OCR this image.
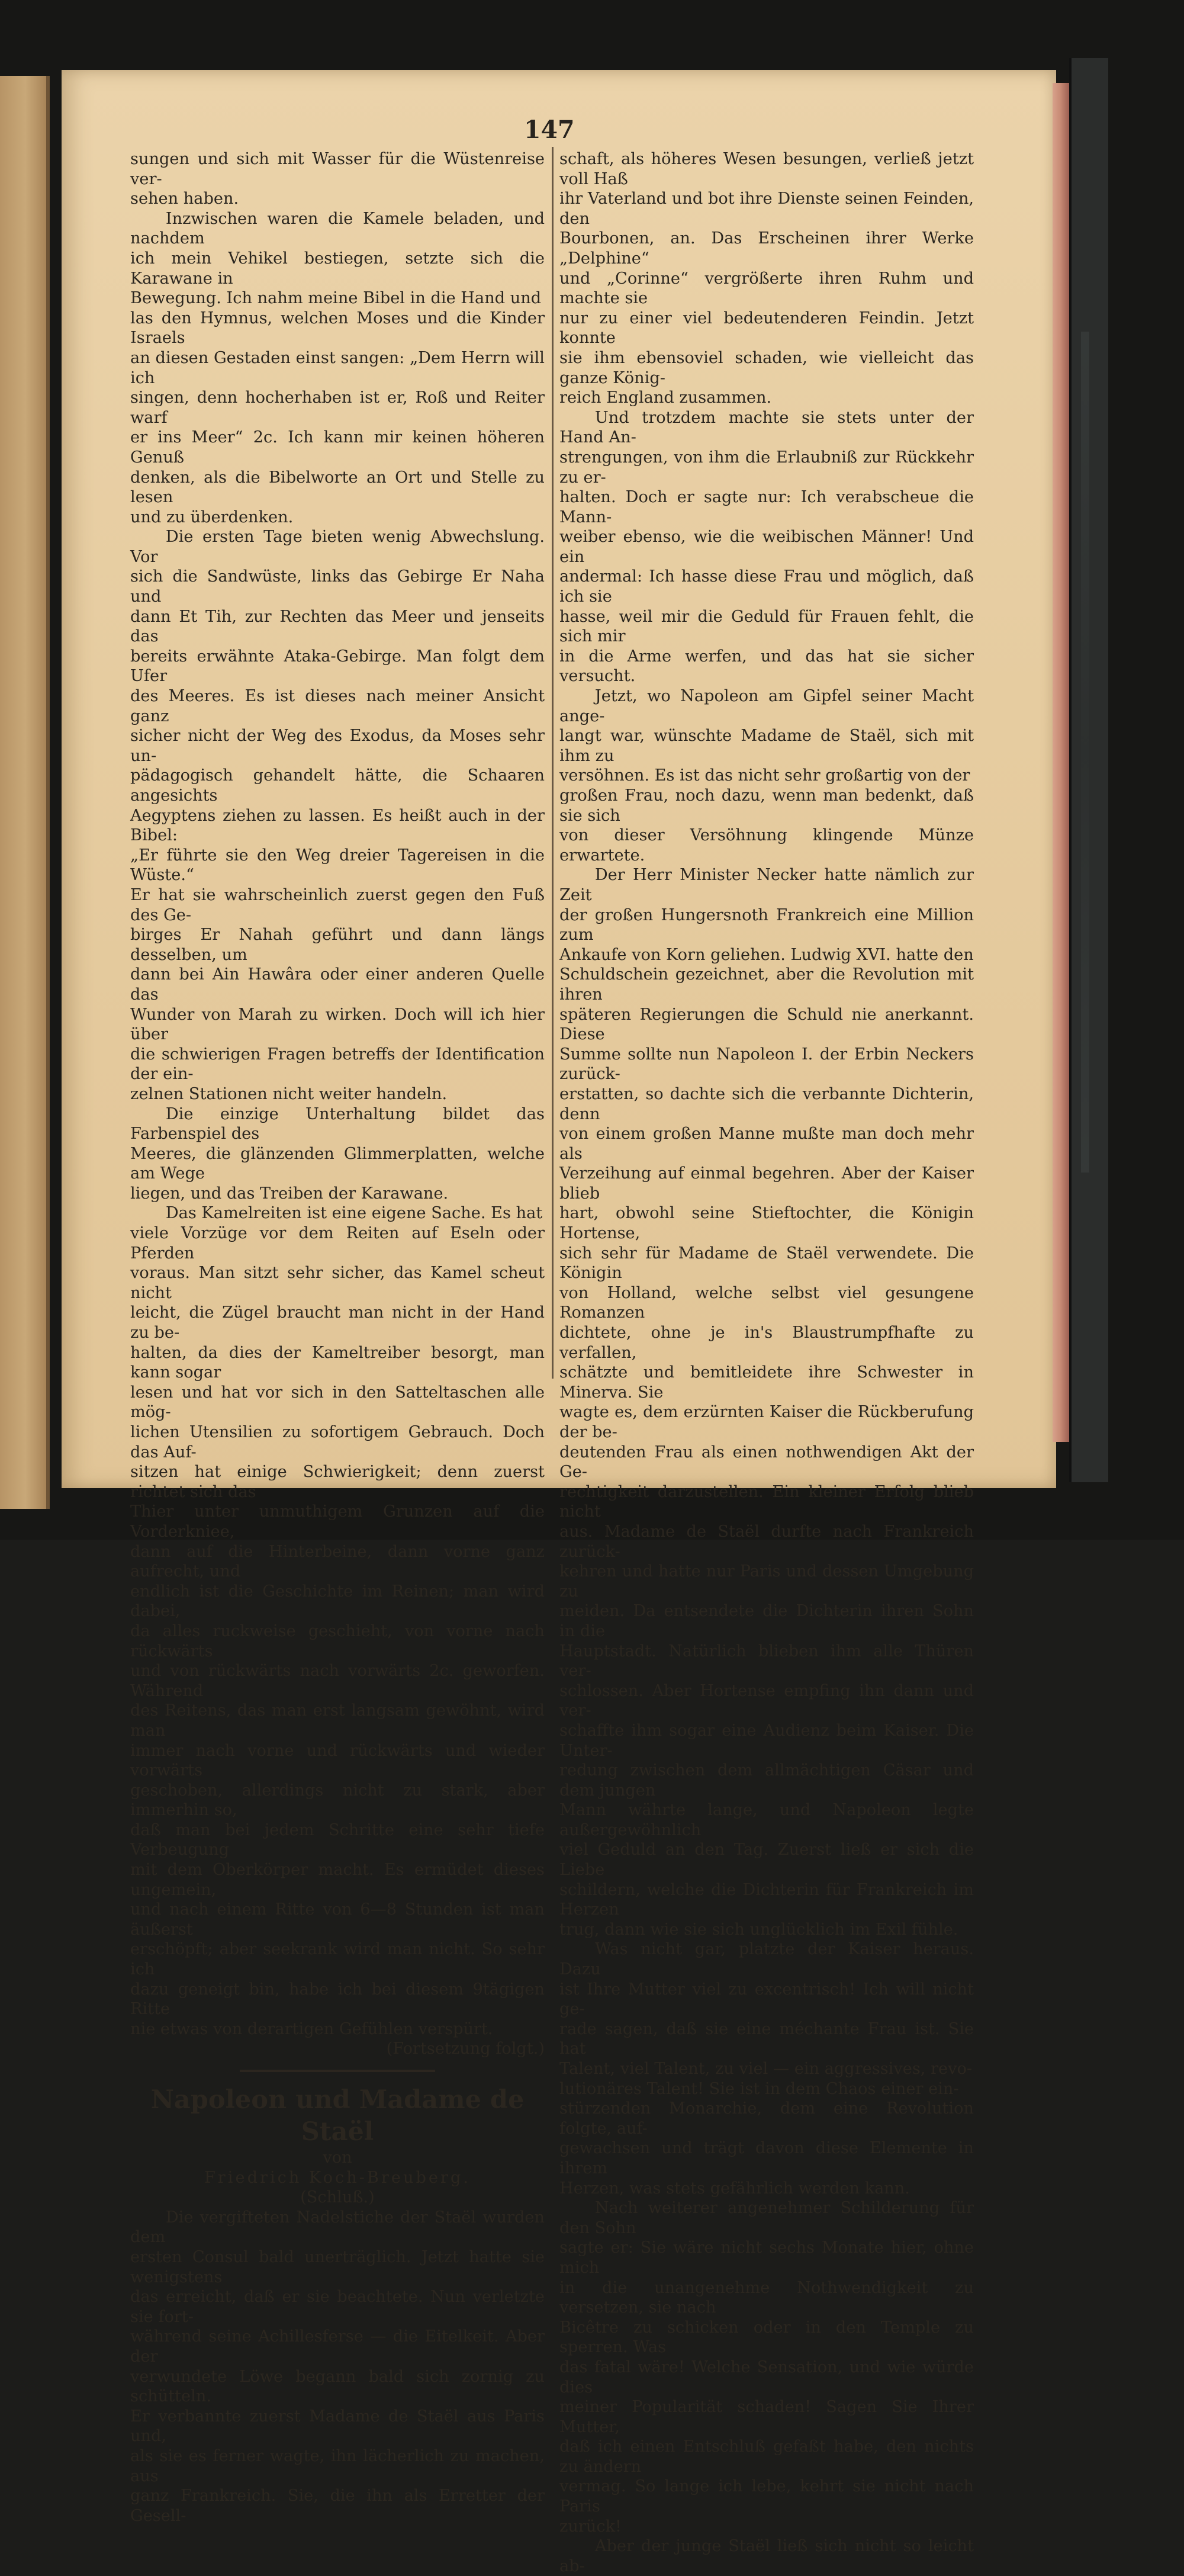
147

sungen und sich mit Wasser für die Wüstenreise ver-

sehen haben.

Inzwischen waren die Kamele beladen, und nachdem

ich mein Vehikel bestiegen, setzte sich die Karawane in

Bewegung. Ich nahm meine Bibel in die Hand und

las den Hymnus, welchen Moses und die Kinder Israels

an diesen Gestaden einst sangen: „Dem Herrn will ich

singen, denn hocherhaben ist er, Roß und Reiter warf

er ins Meer“ 2c. Ich kann mir keinen höheren Genuß

denken, als die Bibelworte an Ort und Stelle zu lesen

und zu überdenken.

Die ersten Tage bieten wenig Abwechslung. Vor

sich die Sandwüste, links das Gebirge Er Naha und

dann Et Tih, zur Rechten das Meer und jenseits das

bereits erwähnte Ataka-Gebirge. Man folgt dem Ufer

des Meeres. Es ist dieses nach meiner Ansicht ganz

sicher nicht der Weg des Exodus, da Moses sehr un-

pädagogisch gehandelt hätte, die Schaaren angesichts

Aegyptens ziehen zu lassen. Es heißt auch in der Bibel:

„Er führte sie den Weg dreier Tagereisen in die Wüste.“

Er hat sie wahrscheinlich zuerst gegen den Fuß des Ge-

birges Er Nahah geführt und dann längs desselben, um

dann bei Ain Hawâra oder einer anderen Quelle das

Wunder von Marah zu wirken. Doch will ich hier über

die schwierigen Fragen betreffs der Identification der ein-

zelnen Stationen nicht weiter handeln.

Die einzige Unterhaltung bildet das Farbenspiel des

Meeres, die glänzenden Glimmerplatten, welche am Wege

liegen, und das Treiben der Karawane.

Das Kamelreiten ist eine eigene Sache. Es hat

viele Vorzüge vor dem Reiten auf Eseln oder Pferden

voraus. Man sitzt sehr sicher, das Kamel scheut nicht

leicht, die Zügel braucht man nicht in der Hand zu be-

halten, da dies der Kameltreiber besorgt, man kann sogar

lesen und hat vor sich in den Satteltaschen alle mög-

lichen Utensilien zu sofortigem Gebrauch. Doch das Auf-

sitzen hat einige Schwierigkeit; denn zuerst richtet sich das

Thier unter unmuthigem Grunzen auf die Vorderkniee,

dann auf die Hinterbeine, dann vorne ganz aufrecht, und

endlich ist die Geschichte im Reinen; man wird dabei,

da alles ruckweise geschieht, von vorne nach rückwärts

und von rückwärts nach vorwärts 2c. geworfen. Während

des Reitens, das man erst langsam gewöhnt, wird man

immer nach vorne und rückwärts und wieder vorwärts

geschoben, allerdings nicht zu stark, aber immerhin so,

daß man bei jedem Schritte eine sehr tiefe Verbeugung

mit dem Oberkörper macht. Es ermüdet dieses ungemein,

und nach einem Ritte von 6—8 Stunden ist man äußerst

erschöpft; aber seekrank wird man nicht. So sehr ich

dazu geneigt bin, habe ich bei diesem 9tägigen Ritte

nie etwas von derartigen Gefühlen verspürt.

(Fortsetzung folgt.)

Napoleon und Madame de Staël

von

Friedrich Koch-Breuberg.

(Schluß.)

Die vergifteten Nadelstiche der Staël wurden dem

ersten Consul bald unerträglich. Jetzt hatte sie wenigstens

das erreicht, daß er sie beachtete. Nun verletzte sie fort-

während seine Achillesferse — die Eitelkeit. Aber der

verwundete Löwe begann bald sich zornig zu schütteln.

Er verbannte zuerst Madame de Staël aus Paris und,

als sie es ferner wagte, ihn lächerlich zu machen, aus

ganz Frankreich. Sie, die ihn als Erretter der Gesell-

schaft, als höheres Wesen besungen, verließ jetzt voll Haß

ihr Vaterland und bot ihre Dienste seinen Feinden, den

Bourbonen, an. Das Erscheinen ihrer Werke „Delphine“

und „Corinne“ vergrößerte ihren Ruhm und machte sie

nur zu einer viel bedeutenderen Feindin. Jetzt konnte

sie ihm ebensoviel schaden, wie vielleicht das ganze König-

reich England zusammen.

Und trotzdem machte sie stets unter der Hand An-

strengungen, von ihm die Erlaubniß zur Rückkehr zu er-

halten. Doch er sagte nur: Ich verabscheue die Mann-

weiber ebenso, wie die weibischen Männer! Und ein

andermal: Ich hasse diese Frau und möglich, daß ich sie

hasse, weil mir die Geduld für Frauen fehlt, die sich mir

in die Arme werfen, und das hat sie sicher versucht.

Jetzt, wo Napoleon am Gipfel seiner Macht ange-

langt war, wünschte Madame de Staël, sich mit ihm zu

versöhnen. Es ist das nicht sehr großartig von der

großen Frau, noch dazu, wenn man bedenkt, daß sie sich

von dieser Versöhnung klingende Münze erwartete.

Der Herr Minister Necker hatte nämlich zur Zeit

der großen Hungersnoth Frankreich eine Million zum

Ankaufe von Korn geliehen. Ludwig XVI. hatte den

Schuldschein gezeichnet, aber die Revolution mit ihren

späteren Regierungen die Schuld nie anerkannt. Diese

Summe sollte nun Napoleon I. der Erbin Neckers zurück-

erstatten, so dachte sich die verbannte Dichterin, denn

von einem großen Manne mußte man doch mehr als

Verzeihung auf einmal begehren. Aber der Kaiser blieb

hart, obwohl seine Stieftochter, die Königin Hortense,

sich sehr für Madame de Staël verwendete. Die Königin

von Holland, welche selbst viel gesungene Romanzen

dichtete, ohne je in's Blaustrumpfhafte zu verfallen,

schätzte und bemitleidete ihre Schwester in Minerva. Sie

wagte es, dem erzürnten Kaiser die Rückberufung der be-

deutenden Frau als einen nothwendigen Akt der Ge-

rechtigkeit darzustellen. Ein kleiner Erfolg blieb nicht

aus. Madame de Staël durfte nach Frankreich zurück-

kehren und hatte nur Paris und dessen Umgebung zu

meiden. Da entsendete die Dichterin ihren Sohn in die

Hauptstadt. Natürlich blieben ihm alle Thüren ver-

schlossen. Aber Hortense empfing ihn dann und ver-

schaffte ihm sogar eine Audienz beim Kaiser. Die Unter-

redung zwischen dem allmächtigen Cäsar und dem jungen

Mann währte lange, und Napoleon legte außergewöhnlich

viel Geduld an den Tag. Zuerst ließ er sich die Liebe

schildern, welche die Dichterin für Frankreich im Herzen

trug, dann wie sie sich unglücklich im Exil fühle.

Was nicht gar, platzte der Kaiser heraus. Dazu

ist Ihre Mutter viel zu excentrisch! Ich will nicht ge-

rade sagen, daß sie eine méchante Frau ist. Sie hat

Talent, viel Talent, zu viel — ein aggressives, revo-

lutionäres Talent! Sie ist in dem Chaos einer ein-

stürzenden Monarchie, dem eine Revolution folgte, auf-

gewachsen und trägt davon diese Elemente in ihrem

Herzen, was stets gefährlich werden kann.

Nach weiterer angenehmer Schilderung für den Sohn

sagte er: Sie wäre nicht sechs Monate hier, ohne mich

in die unangenehme Nothwendigkeit zu versetzen, sie nach

Bicêtre zu schicken oder in den Temple zu sperren. Was

das fatal wäre! Welche Sensation, und wie würde dies

meiner Popularität schaden! Sagen Sie Ihrer Mutter,

daß ich einen Entschluß gefaßt habe, den nichts zu ändern

vermag. So lange ich lebe, kehrt sie nicht nach Paris

zurück!

Aber der junge Staël ließ sich nicht so leicht ab-
